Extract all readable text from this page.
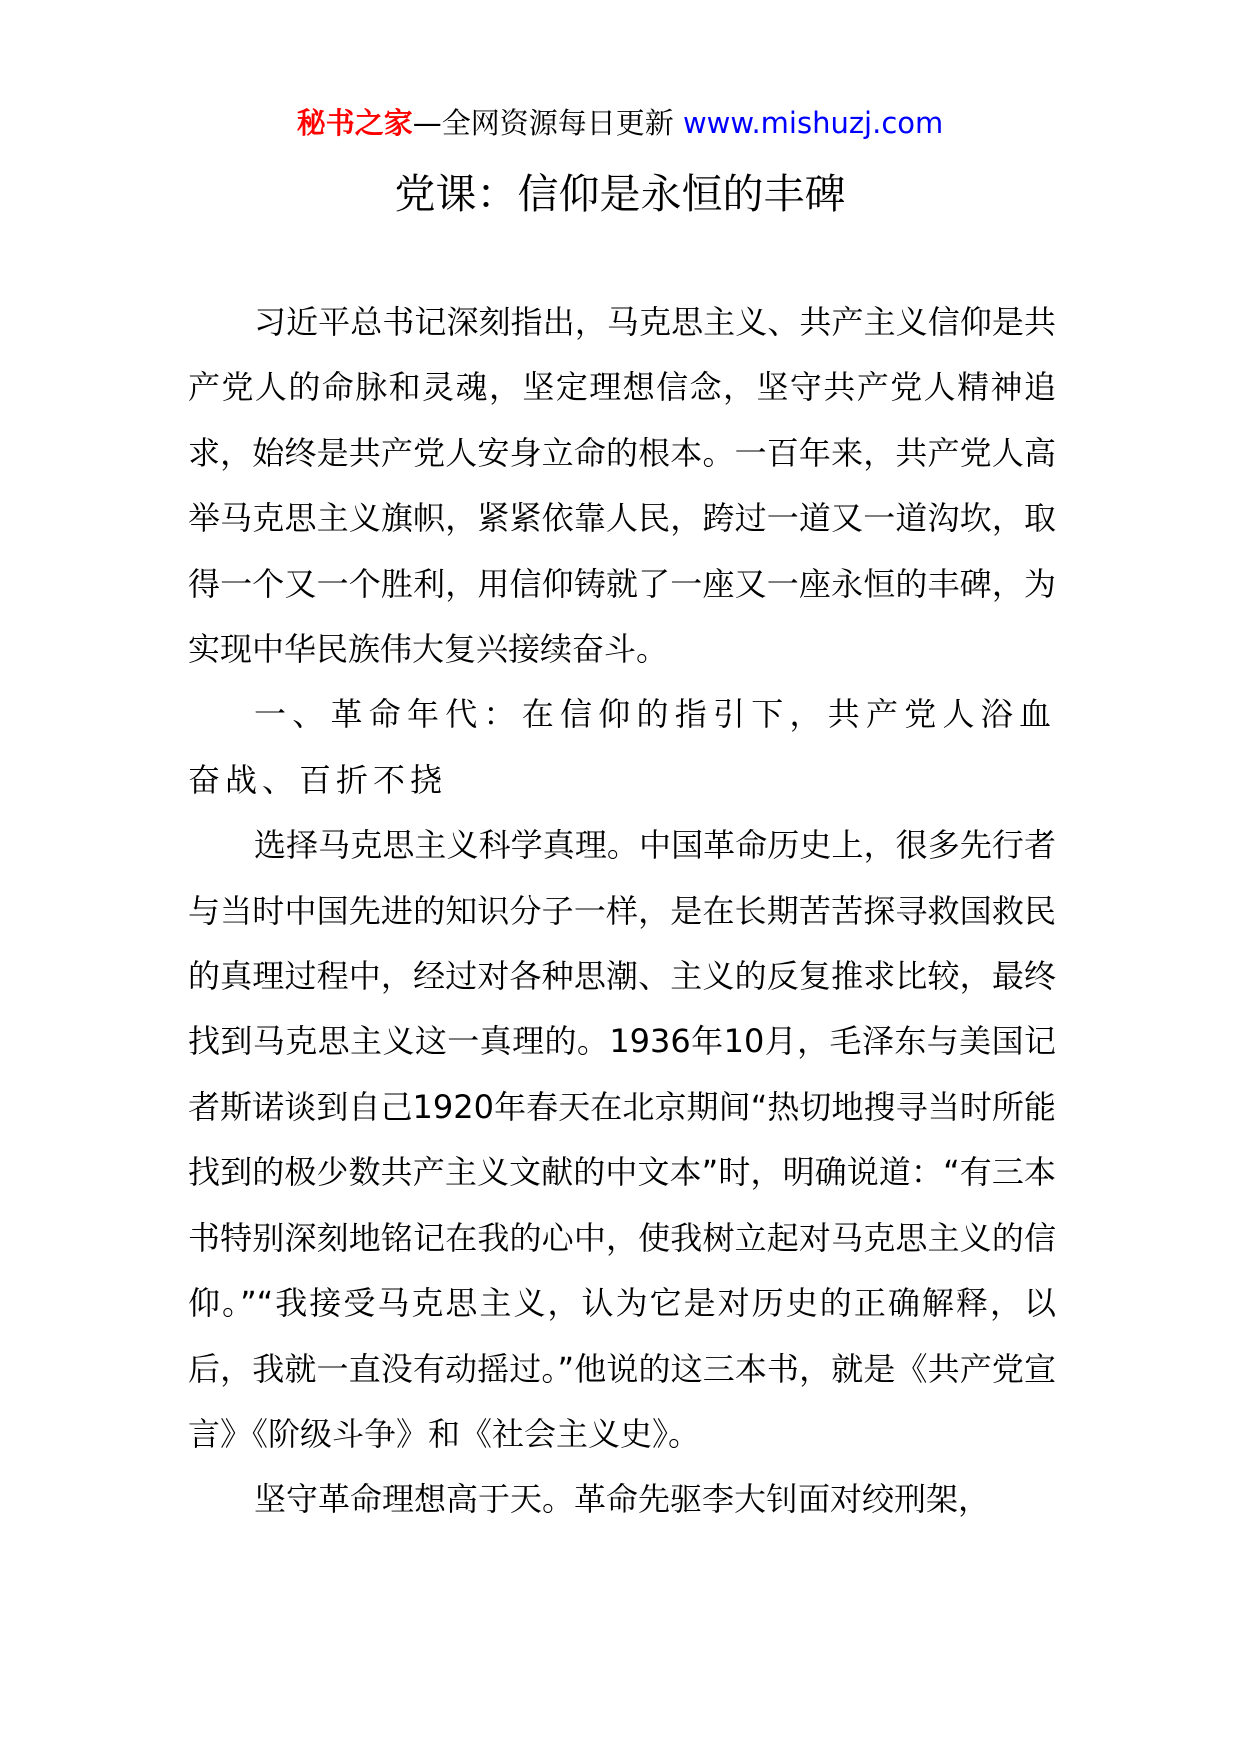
秘书之家—全网资源每日更新 www.mishuzj.com
党课：信仰是永恒的丰碑

习近平总书记深刻指出，马克思主义、共产主义信仰是共产党人的命脉和灵魂，坚定理想信念，坚守共产党人精神追求，始终是共产党人安身立命的根本。一百年来，共产党人高举马克思主义旗帜，紧紧依靠人民，跨过一道又一道沟坎，取得一个又一个胜利，用信仰铸就了一座又一座永恒的丰碑，为实现中华民族伟大复兴接续奋斗。

一、革命年代：在信仰的指引下，共产党人浴血奋战、百折不挠

选择马克思主义科学真理。中国革命历史上，很多先行者与当时中国先进的知识分子一样，是在长期苦苦探寻救国救民的真理过程中，经过对各种思潮、主义的反复推求比较，最终找到马克思主义这一真理的。1936年10月，毛泽东与美国记者斯诺谈到自己1920年春天在北京期间“热切地搜寻当时所能找到的极少数共产主义文献的中文本”时，明确说道：“有三本书特别深刻地铭记在我的心中，使我树立起对马克思主义的信仰。”“我接受马克思主义，认为它是对历史的正确解释，以后，我就一直没有动摇过。”他说的这三本书，就是《共产党宣言》《阶级斗争》和《社会主义史》。

坚守革命理想高于天。革命先驱李大钊面对绞刑架，
